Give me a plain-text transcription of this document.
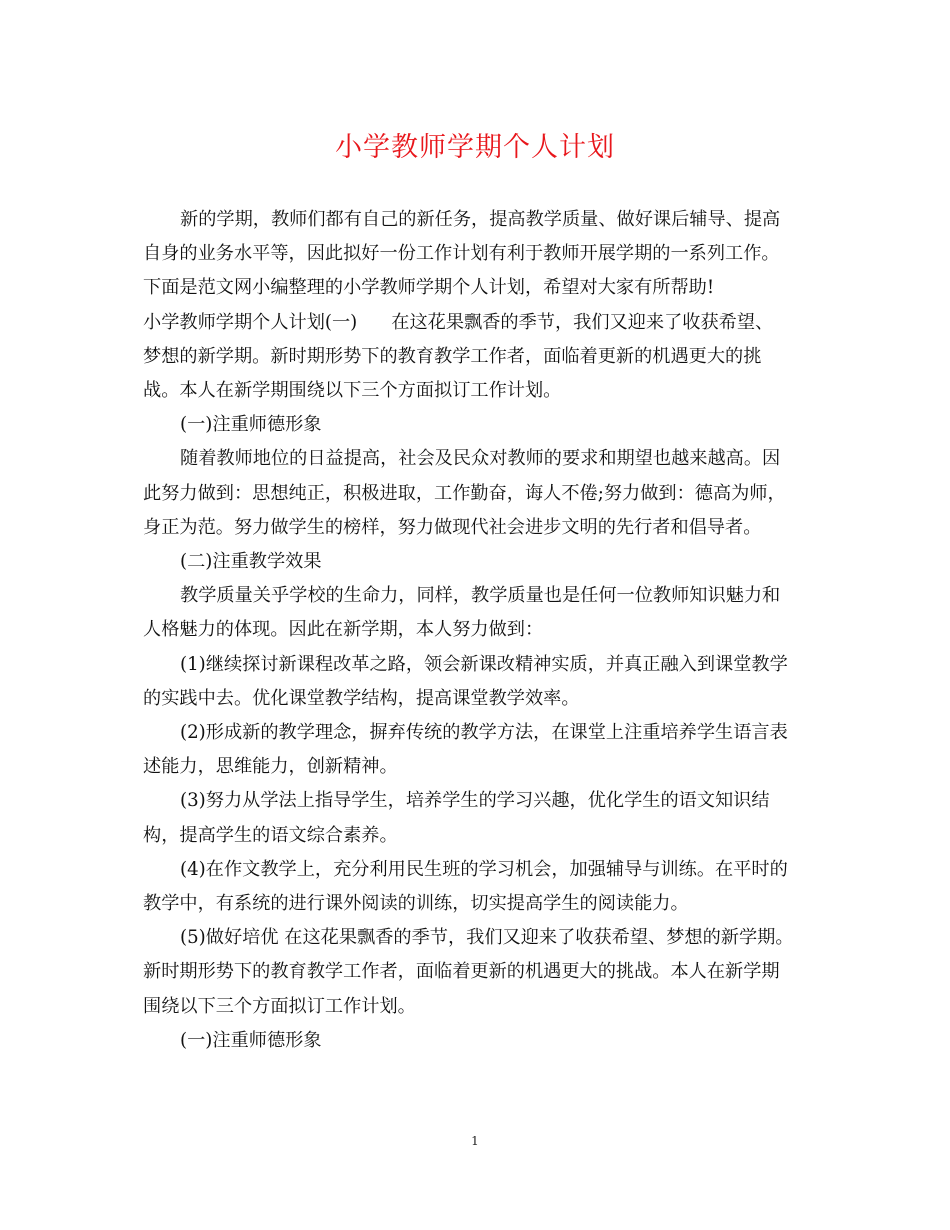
小学教师学期个人计划
新的学期，教师们都有自己的新任务，提高教学质量、做好课后辅导、提高
自身的业务水平等，因此拟好一份工作计划有利于教师开展学期的一系列工作。
下面是范文网小编整理的小学教师学期个人计划，希望对大家有所帮助!
小学教师学期个人计划(一) 在这花果飘香的季节，我们又迎来了收获希望、
梦想的新学期。新时期形势下的教育教学工作者，面临着更新的机遇更大的挑
战。本人在新学期围绕以下三个方面拟订工作计划。
(一)注重师德形象
随着教师地位的日益提高，社会及民众对教师的要求和期望也越来越高。因
此努力做到：思想纯正，积极进取，工作勤奋，诲人不倦;努力做到：德高为师，
身正为范。努力做学生的榜样，努力做现代社会进步文明的先行者和倡导者。
(二)注重教学效果
教学质量关乎学校的生命力，同样，教学质量也是任何一位教师知识魅力和
人格魅力的体现。因此在新学期，本人努力做到：
(1)继续探讨新课程改革之路，领会新课改精神实质，并真正融入到课堂教学
的实践中去。优化课堂教学结构，提高课堂教学效率。
(2)形成新的教学理念，摒弃传统的教学方法，在课堂上注重培养学生语言表
述能力，思维能力，创新精神。
(3)努力从学法上指导学生，培养学生的学习兴趣，优化学生的语文知识结
构，提高学生的语文综合素养。
(4)在作文教学上，充分利用民生班的学习机会，加强辅导与训练。在平时的
教学中，有系统的进行课外阅读的训练，切实提高学生的阅读能力。
(5)做好培优 在这花果飘香的季节，我们又迎来了收获希望、梦想的新学期。
新时期形势下的教育教学工作者，面临着更新的机遇更大的挑战。本人在新学期
围绕以下三个方面拟订工作计划。
(一)注重师德形象
1
